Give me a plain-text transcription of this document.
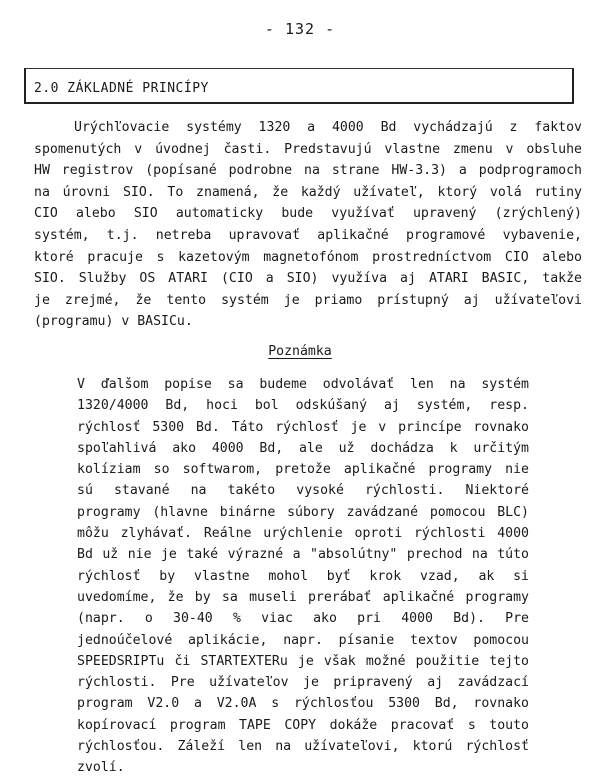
- 132 -
2.0 ZÁKLADNÉ PRINCÍPY
Urýchľovacie systémy 1320 a 4000 Bd vychádzajú z faktov
spomenutých v úvodnej časti. Predstavujú vlastne zmenu v obsluhe
HW registrov (popísané podrobne na strane HW-3.3) a podprogramoch
na úrovni SIO. To znamená, že každý užívateľ, ktorý volá rutiny
CIO alebo SIO automaticky bude využívať upravený (zrýchlený)
systém, t.j. netreba upravovať aplikačné programové vybavenie,
ktoré pracuje s kazetovým magnetofónom prostredníctvom CIO alebo
SIO. Služby OS ATARI (CIO a SIO) využíva aj ATARI BASIC, takže
je zrejmé, že tento systém je priamo prístupný aj užívateľovi
(programu) v BASICu.
Poznámka
V ďalšom popise sa budeme odvolávať len na systém
1320/4000 Bd, hoci bol odskúšaný aj systém, resp.
rýchlosť 5300 Bd. Táto rýchlosť je v princípe rovnako
spoľahlivá ako 4000 Bd, ale už dochádza k určitým
kolíziam so softwarom, pretože aplikačné programy nie
sú stavané na takéto vysoké rýchlosti. Niektoré
programy (hlavne binárne súbory zavádzané pomocou BLC)
môžu zlyhávať. Reálne urýchlenie oproti rýchlosti 4000
Bd už nie je také výrazné a "absolútny" prechod na túto
rýchlosť by vlastne mohol byť krok vzad, ak si
uvedomíme, že by sa museli prerábať aplikačné programy
(napr. o 30-40 % viac ako pri 4000 Bd). Pre
jednoúčelové aplikácie, napr. písanie textov pomocou
SPEEDSRIPTu či STARTEXTERu je však možné použitie tejto
rýchlosti. Pre užívateľov je pripravený aj zavádzací
program V2.0 a V2.0A s rýchlosťou 5300 Bd, rovnako
kopírovací program TAPE COPY dokáže pracovať s touto
rýchlosťou. Záleží len na užívateľovi, ktorú rýchlosť
zvolí.
